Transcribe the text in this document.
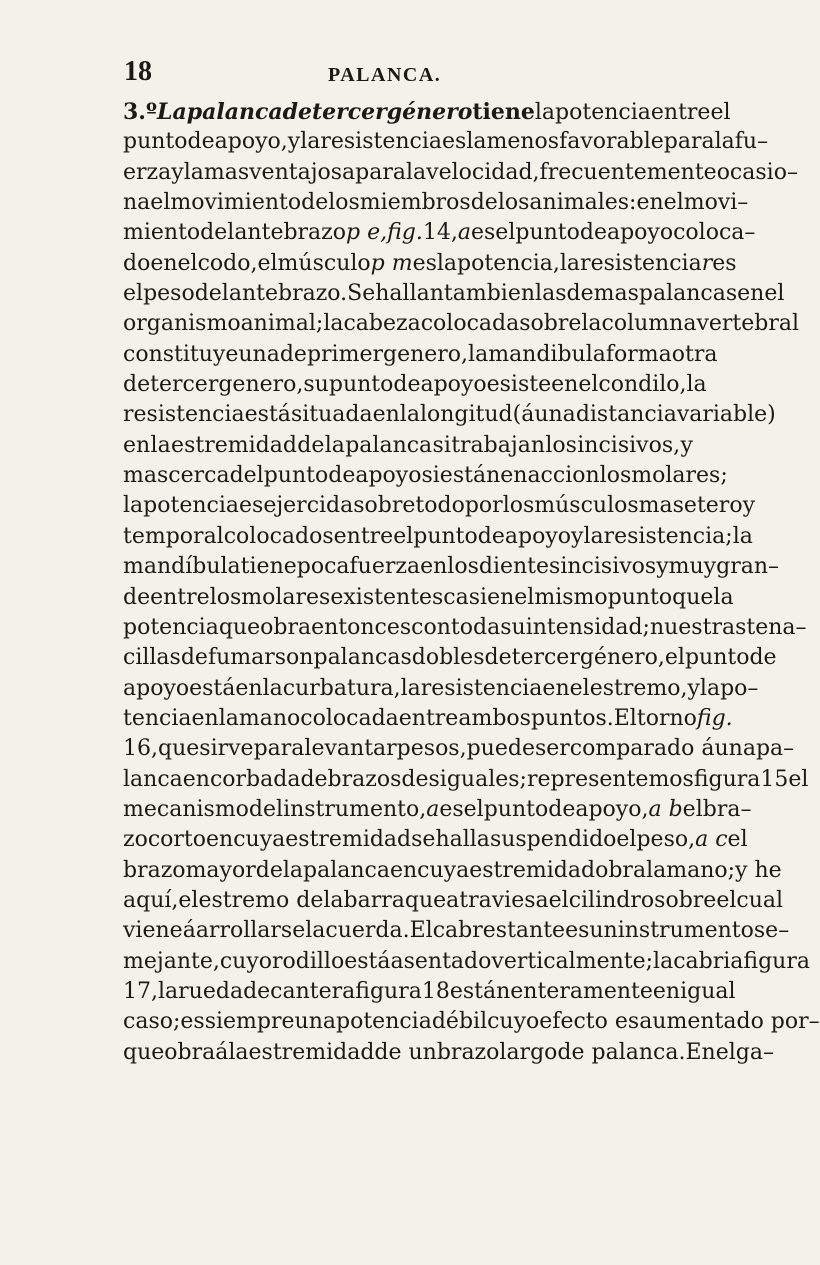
18	PALANCA.
3.º La palanca de tercer género tiene la potencia entre el
punto de apoyo, y la resistencia es la menos favorable para la fu–
erza y la mas ventajosa para la velocidad, frecuentemente ocasio–
na el movimiento de los miembros de los animales: en el movi–
miento del antebrazo p e, fig. 14, a es el punto de apoyo coloca–
do en el codo, el músculo p m es la potencia , la resistencia r es
el peso del antebrazo. Se hallan tambien las demas palancas en el
organismo animal; la cabeza colocada sobre la columna vertebral
constituye una de primer genero, la mandibula forma otra
de tercer genero, su punto de apoyo esiste en el condilo, la
resistencia está situada en la longitud ( á una distancia variable)
en la estremidad de la palanca si trabajan los incisivos, y
mas cerca del punto de apoyo si están en accion los molares;
la potencia es ejercida sobre todo por los músculos masetero y
temporal colocados entre el punto de apoyo y la resistencia; la
mandíbula tiene poca fuerza en los dientes incisivos y muy gran–
de entre los molares existentes casi en el mismo punto que la
potencia que obra entonces con toda su intensidad; nuestras tena–
cillas de fumar son palancas dobles de tercer género, el punto de
apoyo está en la curbatura, la resistencia en el estremo, y la po–
tencia en la mano colocada entre ambos puntos. El torno fig.
16, que sirve para levantar pesos, puede ser comparado á una pa–
lanca encorbada de brazos desiguales; representemos figura 15 el
mecanismo del instrumento, a es el punto de apoyo, a b el bra–
zo corto en cuya estremidad se halla suspendido el peso, a c el
brazo mayor de la palanca en cuya estremidad obra la mano; y he
aquí, el estremo de la barra que atraviesa el cilindro sobre el cual
viene á arrollarse la cuerda. El cabrestante es un instrumento se–
mejante, cuyo rodillo está asentado verticalmente; la cabria figura
17, la rueda de cantera figura 18 están enteramente en igual
caso; es siempre una potencia débil cuyo efecto es aumentado por–
que obra á la estremidad de un brazo largo de palanca. En el ga–
